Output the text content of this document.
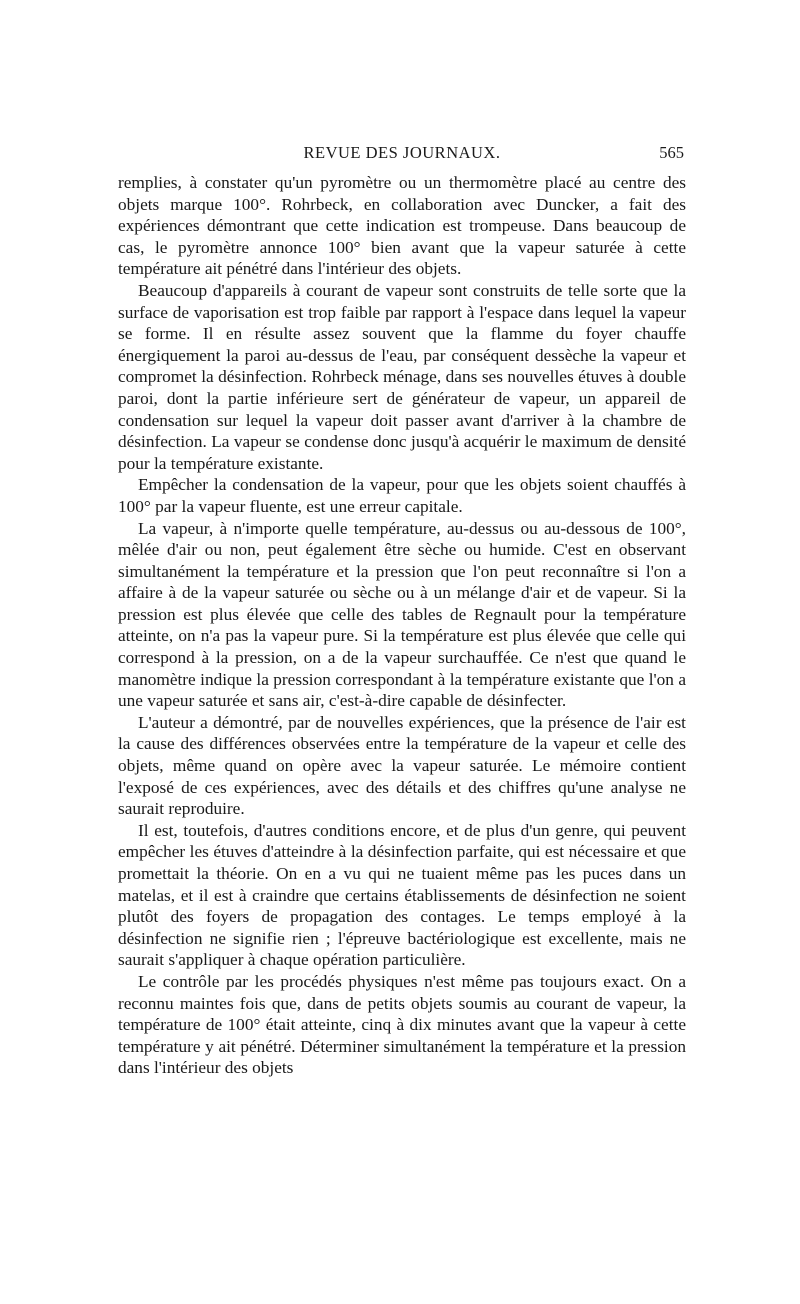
REVUE DES JOURNAUX.	565

remplies, à constater qu'un pyromètre ou un thermomètre placé au centre des objets marque 100°. Rohrbeck, en collaboration avec Duncker, a fait des expériences démontrant que cette indication est trompeuse. Dans beaucoup de cas, le pyromètre annonce 100° bien avant que la vapeur saturée à cette température ait pénétré dans l'intérieur des objets.

Beaucoup d'appareils à courant de vapeur sont construits de telle sorte que la surface de vaporisation est trop faible par rapport à l'espace dans lequel la vapeur se forme. Il en résulte assez souvent que la flamme du foyer chauffe énergiquement la paroi au-dessus de l'eau, par conséquent dessèche la vapeur et compromet la désinfection. Rohrbeck ménage, dans ses nouvelles étuves à double paroi, dont la partie inférieure sert de générateur de vapeur, un appareil de condensation sur lequel la vapeur doit passer avant d'arriver à la chambre de désinfection. La vapeur se condense donc jusqu'à acquérir le maximum de densité pour la température existante.

Empêcher la condensation de la vapeur, pour que les objets soient chauffés à 100° par la vapeur fluente, est une erreur capitale.

La vapeur, à n'importe quelle température, au-dessus ou au-dessous de 100°, mêlée d'air ou non, peut également être sèche ou humide. C'est en observant simultanément la température et la pression que l'on peut reconnaître si l'on a affaire à de la vapeur saturée ou sèche ou à un mélange d'air et de vapeur. Si la pression est plus élevée que celle des tables de Regnault pour la température atteinte, on n'a pas la vapeur pure. Si la température est plus élevée que celle qui correspond à la pression, on a de la vapeur surchauffée. Ce n'est que quand le manomètre indique la pression correspondant à la température existante que l'on a une vapeur saturée et sans air, c'est-à-dire capable de désinfecter.

L'auteur a démontré, par de nouvelles expériences, que la présence de l'air est la cause des différences observées entre la température de la vapeur et celle des objets, même quand on opère avec la vapeur saturée. Le mémoire contient l'exposé de ces expériences, avec des détails et des chiffres qu'une analyse ne saurait reproduire.

Il est, toutefois, d'autres conditions encore, et de plus d'un genre, qui peuvent empêcher les étuves d'atteindre à la désinfection parfaite, qui est nécessaire et que promettait la théorie. On en a vu qui ne tuaient même pas les puces dans un matelas, et il est à craindre que certains établissements de désinfection ne soient plutôt des foyers de propagation des contages. Le temps employé à la désinfection ne signifie rien ; l'épreuve bactériologique est excellente, mais ne saurait s'appliquer à chaque opération particulière.

Le contrôle par les procédés physiques n'est même pas toujours exact. On a reconnu maintes fois que, dans de petits objets soumis au courant de vapeur, la température de 100° était atteinte, cinq à dix minutes avant que la vapeur à cette température y ait pénétré. Déterminer simultanément la température et la pression dans l'intérieur des objets
